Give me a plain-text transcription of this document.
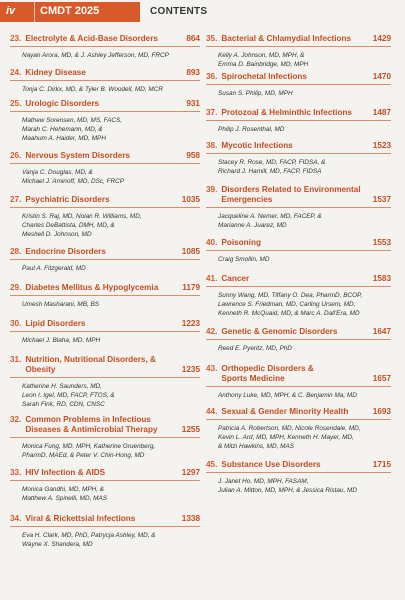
iv CMDT 2025	CONTENTS
23. Electrolyte & Acid-Base Disorders	864
Nayan Arora, MD, & J. Ashley Jefferson, MD, FRCP
24. Kidney Disease	893
Tonja C. Dirkx, MD, & Tyler B. Woodell, MD, MCR
25. Urologic Disorders	931
Mathew Sorensen, MD, MS, FACS,
Marah C. Hehemann, MD, &
Maahum A. Haider, MD, MPH
26. Nervous System Disorders	958
Vanja C. Douglas, MD, &
Michael J. Aminoff, MD, DSc, FRCP
27. Psychiatric Disorders	1035
Kristin S. Raj, MD, Nolan R. Williams, MD,
Charles DeBattista, DMH, MD, &
Meshell D. Johnson, MD
28. Endocrine Disorders	1085
Paul A. Fitzgerald, MD
29. Diabetes Mellitus & Hypoglycemia	1179
Umesh Masharani, MB, BS
30. Lipid Disorders	1223
Michael J. Blaha, MD, MPH
31. Nutrition, Nutritional Disorders, &
Obesity	1235
Katherine H. Saunders, MD,
Leon I. Igel, MD, FACP, FTOS, &
Sarah Fink, RD, CDN, CNSC
32. Common Problems in Infectious
Diseases & Antimicrobial Therapy	1255
Monica Fung, MD, MPH, Katherine Gruenberg,
PharmD, MAEd, & Peter V. Chin-Hong, MD
33. HIV Infection & AIDS	1297
Monica Gandhi, MD, MPH, &
Matthew A. Spinelli, MD, MAS
34. Viral & Rickettsial Infections	1338
Eva H. Clark, MD, PhD, Patrycja Ashley, MD, &
Wayne X. Shandera, MD
35. Bacterial & Chlamydial Infections	1429
Kelly A. Johnson, MD, MPH, &
Emma D. Bainbridge, MD, MPH
36. Spirochetal Infections	1470
Susan S. Philip, MD, MPH
37. Protozoal & Helminthic Infections	1487
Philip J. Rosenthal, MD
38. Mycotic Infections	1523
Stacey R. Rose, MD, FACP, FIDSA, &
Richard J. Hamill, MD, FACP, FIDSA
39. Disorders Related to Environmental
Emergencies	1537
Jacqueline A. Nemer, MD, FACEP, &
Marianne A. Juarez, MD
40. Poisoning	1553
Craig Smollin, MD
41. Cancer	1583
Sunny Wang, MD, Tiffany O. Dea, PharmD, BCOP,
Lawrence S. Friedman, MD, Carling Ursem, MD,
Kenneth R. McQuaid, MD, & Marc A. Dall'Era, MD
42. Genetic & Genomic Disorders	1647
Reed E. Pyeritz, MD, PhD
43. Orthopedic Disorders &
Sports Medicine	1657
Anthony Luke, MD, MPH, & C. Benjamin Ma, MD
44. Sexual & Gender Minority Health	1693
Patricia A. Robertson, MD, Nicole Rosendale, MD,
Kevin L. Ard, MD, MPH, Kenneth H. Mayer, MD,
& Mitzi Hawkins, MD, MAS
45. Substance Use Disorders	1715
J. Janet Ho, MD, MPH, FASAM,
Julian A. Mitton, MD, MPH, & Jessica Ristau, MD
